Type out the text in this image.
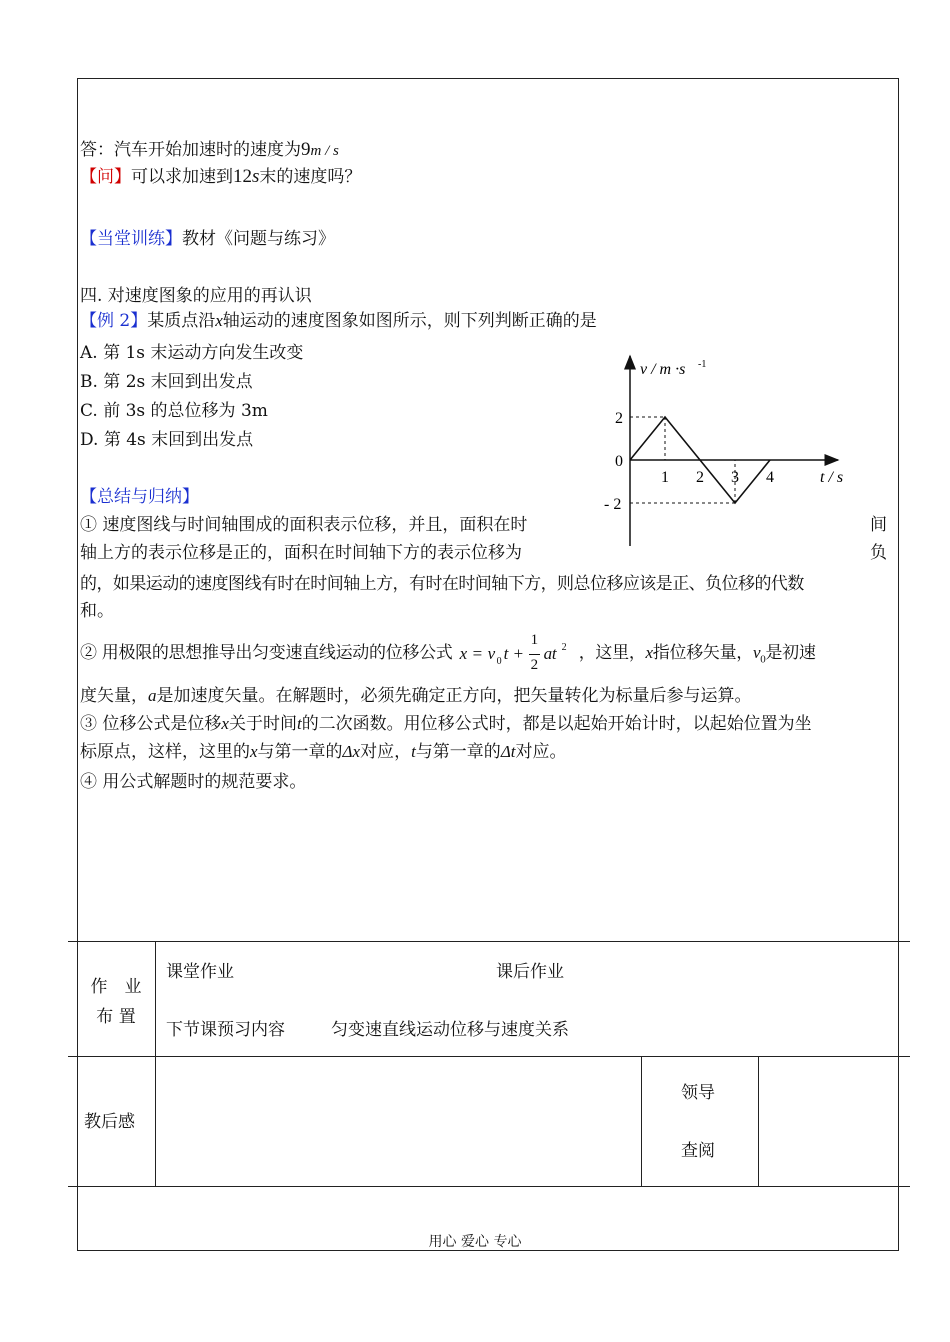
答：汽车开始加速时的速度为9m / s
【问】可以求加速到12s末的速度吗？
【当堂训练】教材《问题与练习》
四. 对速度图象的应用的再认识
【例 2】某质点沿x轴运动的速度图象如图所示，则下列判断正确的是
A. 第 1s 末运动方向发生改变
B. 第 2s 末回到出发点
C. 前 3s 的总位移为 3m
D. 第 4s 末回到出发点
1 2 3 4
2
0
- 2
v / m ·s -1
t / s
【总结与归纳】
① 速度图线与时间轴围成的面积表示位移，并且，面积在时	间
轴上方的表示位移是正的，面积在时间轴下方的表示位移为	负
的，如果运动的速度图线有时在时间轴上方，有时在时间轴下方，则总位移应该是正、负位移的代数
和。
② 用极限的思想推导出匀变速直线运动的位移公式 x = v 0 t +
1
2
at 2 ，这里，x指位移矢量，$v_0$是初速
度矢量，a是加速度矢量。在解题时，必须先确定正方向，把矢量转化为标量后参与运算。
③ 位移公式是位移x关于时间t的二次函数。用位移公式时，都是以起始开始计时，以起始位置为坐
标原点，这样，这里的x与第一章的Δx对应，t与第一章的Δt对应。
④ 用公式解题时的规范要求。
作　业
布 置
课堂作业	课后作业
下节课预习内容	匀变速直线运动位移与速度关系
教后感
领导
查阅
用心 爱心 专心
